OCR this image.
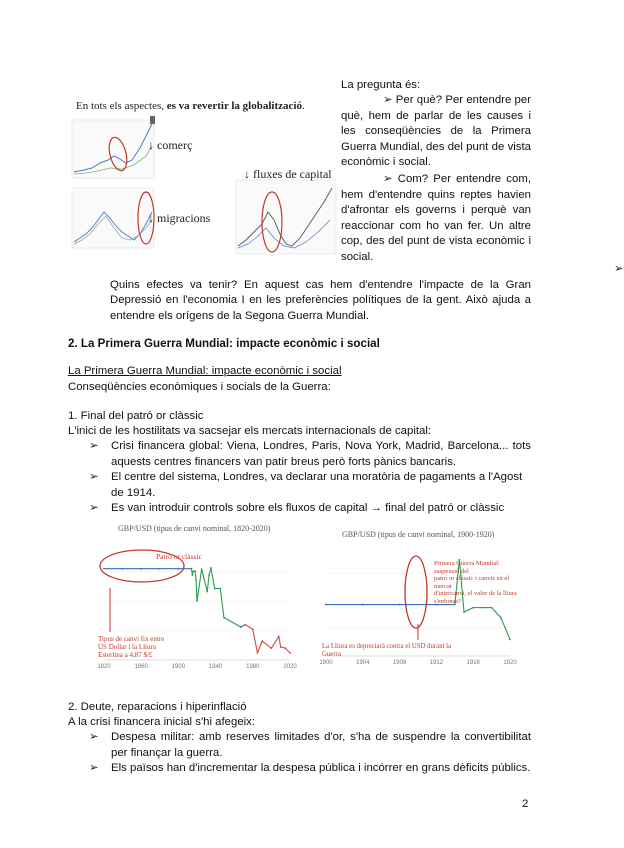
En tots els aspectes, es va revertir la globalització.
↓ comerç
↓ migracions
↓ fluxes de capital
La pregunta és:
➢ Per què? Per entendre per què, hem de parlar de les causes i les conseqüències de la Primera Guerra Mundial, des del punt de vista econòmic i social.
➢ Com? Per entendre com, hem d'entendre quins reptes havien d'afrontar els governs i perquè van reaccionar com ho van fer. Un altre cop, des del punt de vista econòmic i social.
➢ Quins efectes va tenir? En aquest cas hem d'entendre l'impacte de la Gran Depressió en l'economia I en les preferències polítiques de la gent. Això ajuda a entendre els orígens de la Segona Guerra Mundial.
2. La Primera Guerra Mundial: impacte econòmic i social
La Primera Guerra Mundial: impacte econòmic i social
Conseqüències econòmiques i socials de la Guerra:
1. Final del patró or clàssic
L'inici de les hostilitats va sacsejar els mercats internacionals de capital:
➢	Crisi financera global: Viena, Londres, Paris, Nova York, Madrid, Barcelona... tots aquests centres financers van patir breus però forts pànics bancaris.
➢	El centre del sistema, Londres, va declarar una moratòria de pagaments a l'Agost de 1914.
➢	Es van introduir controls sobre els fluxos de capital → final del patró or clàssic
GBP/USD (tipus de canvi nominal, 1820-2020)
1820	1860	1900	1940	1980	2020
Patró or clàssic
Tipus de canvi fix entre
US Dollar i la Lliura
Esterlina a 4,87 $/£
GBP/USD (tipus de canvi nominal, 1900-1920)
1900	1904	1908	1912	1916	1920
Primera Guerra Mundial: suspensió del
patró or clàssic i canvis en el mercat
d'intercanvi, el valor de la lliura
s'enfonsa?
La Lliura es depreciarà contra el USD durant la
Guerra
2. Deute, reparacions i hiperinflació
A la crisi financera inicial s'hi afegeix:
➢	Despesa militar: amb reserves limitades d'or, s'ha de suspendre la convertibilitat per finançar la guerra.
➢	Els països han d'incrementar la despesa pública i incórrer en grans dèficits públics.
2
